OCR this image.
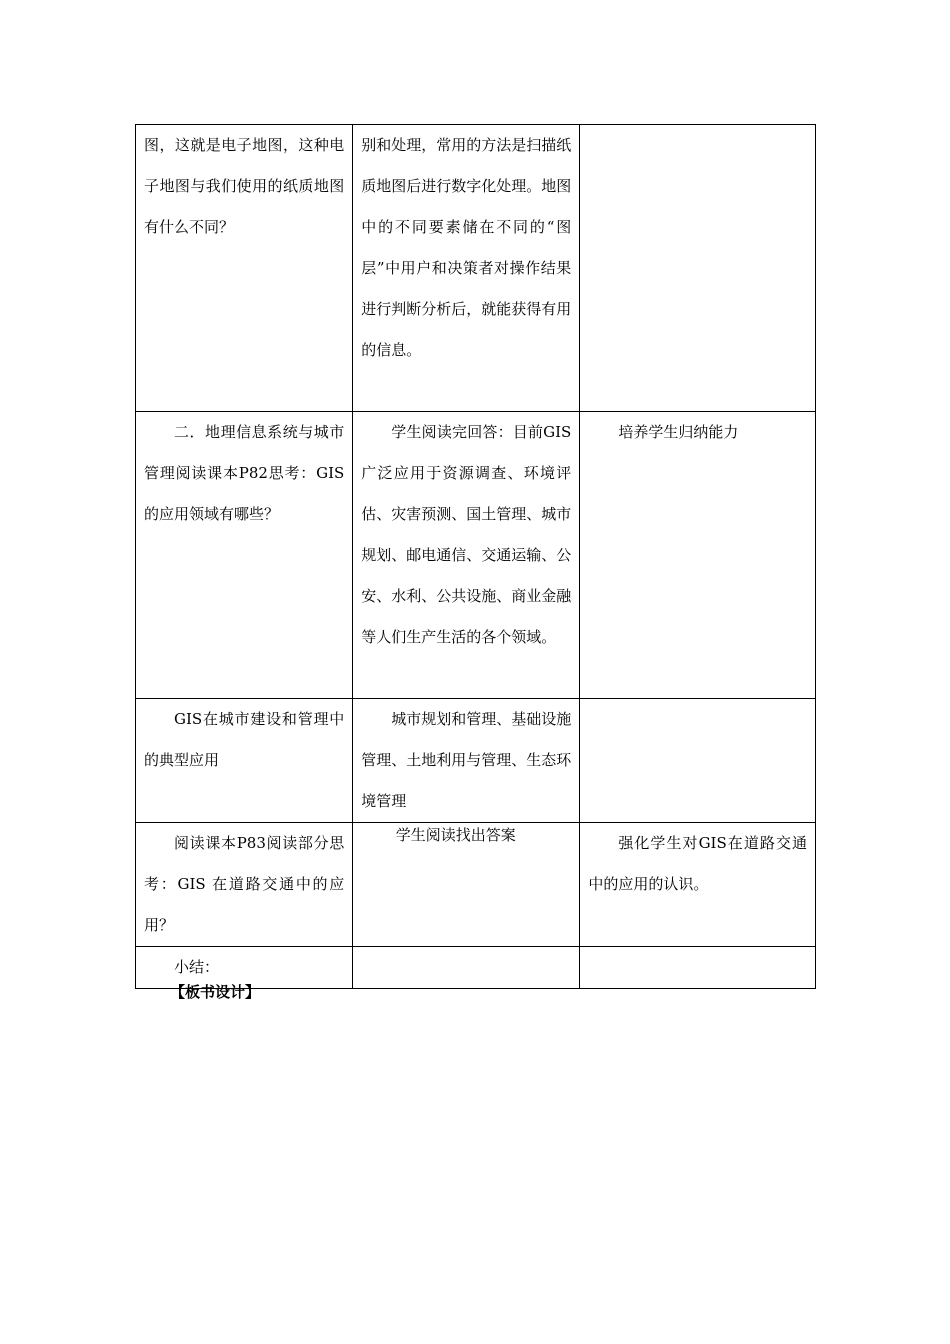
图，这就是电子地图，这种电子地图与我们使用的纸质地图有什么不同？	别和处理，常用的方法是扫描纸质地图后进行数字化处理。地图中的不同要素储在不同的“图层”中用户和决策者对操作结果进行判断分析后，就能获得有用的信息。	
二．地理信息系统与城市管理阅读课本P82思考：GIS的应用领域有哪些？	学生阅读完回答：目前GIS广泛应用于资源调查、环境评估、灾害预测、国土管理、城市规划、邮电通信、交通运输、公安、水利、公共设施、商业金融等人们生产生活的各个领域。	培养学生归纳能力
GIS在城市建设和管理中的典型应用	城市规划和管理、基础设施管理、土地利用与管理、生态环境管理	
阅读课本P83阅读部分思考：GIS 在道路交通中的应用？	学生阅读找出答案	强化学生对GIS在道路交通中的应用的认识。
小结：		
【板书设计】
